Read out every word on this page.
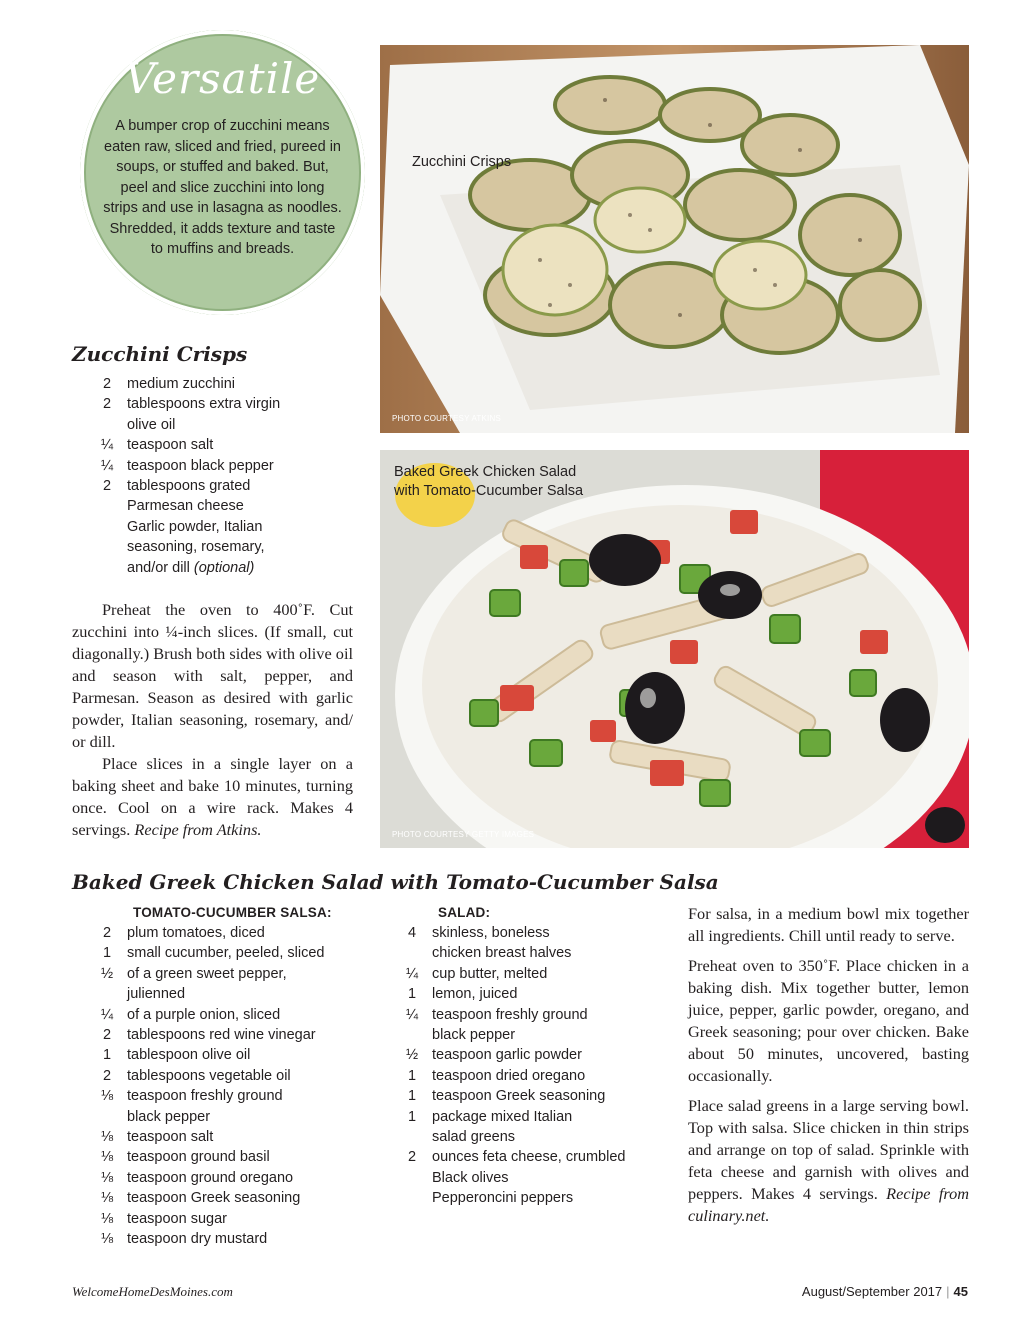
Versatile
A bumper crop of zucchini means eaten raw, sliced and fried, pureed in soups, or stuffed and baked. But, peel and slice zucchini into long strips and use in lasagna as noodles. Shredded, it adds texture and taste to muffins and breads.
Zucchini Crisps
PHOTO COURTESY ATKINS
Baked Greek Chicken Salad
with Tomato-Cucumber Salsa
PHOTO COURTESY GETTY IMAGES
Zucchini Crisps
2	medium zucchini
2	tablespoons extra virgin
olive oil
¼ teaspoon salt
¼ teaspoon black pepper
2	tablespoons grated
Parmesan cheese
Garlic powder, Italian
seasoning, rosemary,
and/or dill (optional)

Preheat the oven to 400˚F. Cut zucchini into ¼-inch slices. (If small, cut diagonally.) Brush both sides with olive oil and season with salt, pepper, and Parmesan. Season as desired with garlic powder, Italian seasoning, rosemary, and/ or dill.

Place slices in a single layer on a baking sheet and bake 10 minutes, turning once. Cool on a wire rack. Makes 4 servings. Recipe from Atkins.

Baked Greek Chicken Salad with Tomato-Cucumber Salsa
TOMATO-CUCUMBER SALSA:
2	plum tomatoes, diced
1	small cucumber, peeled, sliced
½ of a green sweet pepper,
julienned
¼ of a purple onion, sliced
2	tablespoons red wine vinegar
1	tablespoon olive oil
2	tablespoons vegetable oil
⅛ teaspoon freshly ground
black pepper
⅛ teaspoon salt
⅛ teaspoon ground basil
⅛ teaspoon ground oregano
⅛ teaspoon Greek seasoning
⅛ teaspoon sugar
⅛ teaspoon dry mustard
SALAD:
4	skinless, boneless
chicken breast halves
¼ cup butter, melted
1	lemon, juiced
¼ teaspoon freshly ground
black pepper
½ teaspoon garlic powder
1	teaspoon dried oregano
1	teaspoon Greek seasoning
1	package mixed Italian
salad greens
2	ounces feta cheese, crumbled
Black olives
Pepperoncini peppers

For salsa, in a medium bowl mix together all ingredients. Chill until ready to serve.

Preheat oven to 350˚F. Place chicken in a baking dish. Mix together butter, lemon juice, pepper, garlic powder, oregano, and Greek seasoning; pour over chicken. Bake about 50 minutes, uncovered, basting occasionally.

Place salad greens in a large serving bowl. Top with salsa. Slice chicken in thin strips and arrange on top of salad. Sprinkle with feta cheese and garnish with olives and peppers. Makes 4 servings. Recipe from culinary.net.

WelcomeHomeDesMoines.com	August/September 2017 | 45
